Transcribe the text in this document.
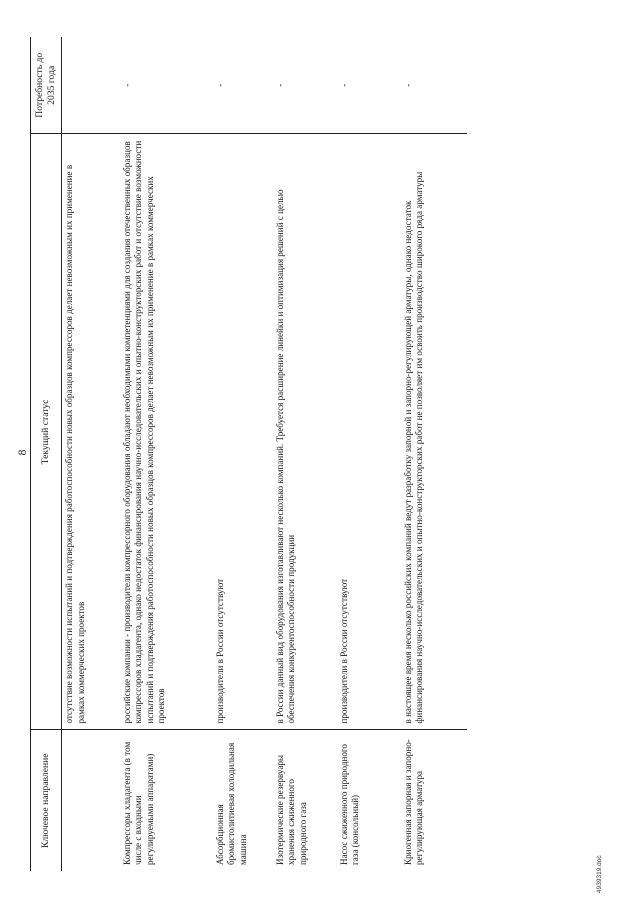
8
Ключевое направление	Текущий статус	Потребность до 2035 года
	отсутствие возможности испытаний и подтверждения работоспособности новых образцов компрессоров делает невозможным их применение в рамках коммерческих проектов	
Компрессоры хладагента (в том числе с входными регулируемыми аппаратами)	российские компании - производители компрессорного оборудования обладают необходимыми компетенциями для создания отечественных образцов компрессоров хладагента, однако недостаток финансирования научно-исследовательских и опытно-конструкторских работ и отсутствие возможности испытаний и подтверждения работоспособности новых образцов компрессоров делает невозможным их применение в рамках коммерческих проектов	-
Абсорбционная бромистолитиевая холодильная машина	производители в России отсутствуют	-
Изотермические резервуары хранения сжиженного природного газа	в России данный вид оборудования изготавливают несколько компаний. Требуется расширение линейки и оптимизация решений с целью обеспечения конкурентоспособности продукции	-
Насос сжиженного природного газа (консольный)	производители в России отсутствуют	-
Криогенная запорная и запорно-регулирующая арматура	в настоящее время несколько российских компаний ведут разработку запорной и запорно-регулирующей арматуры, однако недостаток финансирования научно-исследовательских и опытно-конструкторских работ не позволяет им освоить производство широкого ряда арматуры	-
4939319.doc
